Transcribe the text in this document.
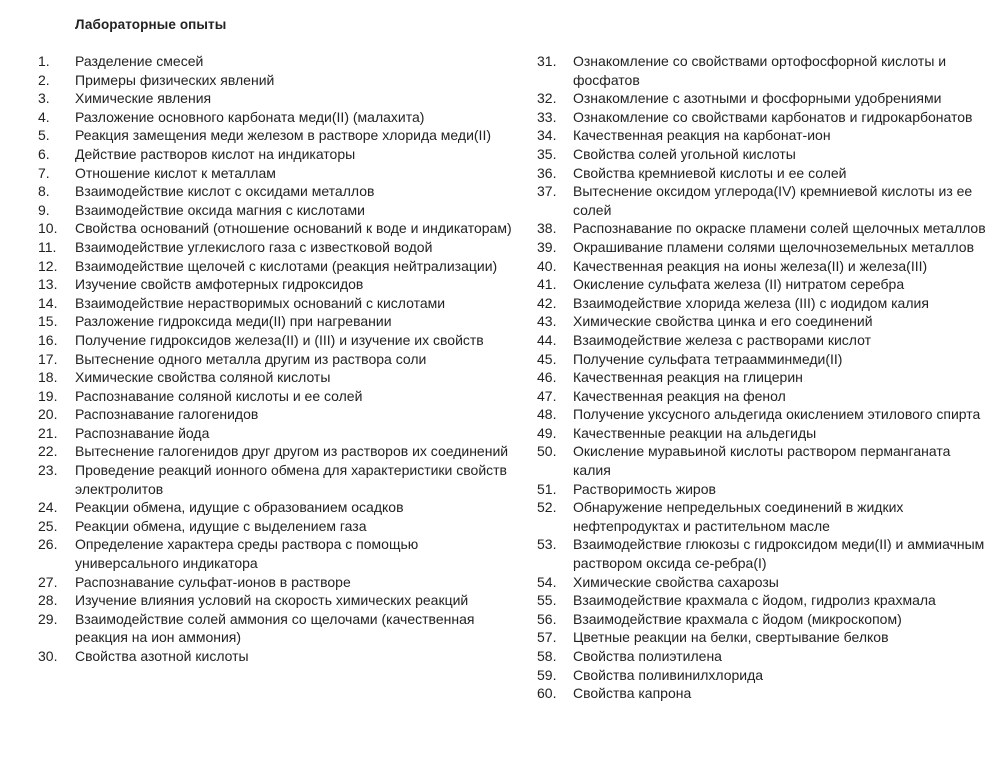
Лабораторные опыты
1.	Разделение смесей
2.	Примеры физических явлений
3.	Химические явления
4.	Разложение основного карбоната меди(II) (малахита)
5.	Реакция замещения меди железом в растворе хлорида меди(II)
6.	Действие растворов кислот на индикаторы
7.	Отношение кислот к металлам
8.	Взаимодействие кислот с оксидами металлов
9.	Взаимодействие оксида магния с кислотами
10.	Свойства оснований (отношение оснований к воде и индикаторам)
11.	Взаимодействие углекислого газа с известковой водой
12.	Взаимодействие щелочей с кислотами (реакция нейтрализации)
13.	Изучение свойств амфотерных гидроксидов
14.	Взаимодействие нерастворимых оснований с кислотами
15.	Разложение гидроксида меди(II) при нагревании
16.	Получение гидроксидов железа(II) и (III) и изучение их свойств
17.	Вытеснение одного металла другим из раствора соли
18.	Химические свойства соляной кислоты
19.	Распознавание соляной кислоты и ее солей
20.	Распознавание галогенидов
21.	Распознавание йода
22.	Вытеснение галогенидов друг другом из растворов их соединений
23.	Проведение реакций ионного обмена для характеристики свойств электролитов
24.	Реакции обмена, идущие с образованием осадков
25.	Реакции обмена, идущие с выделением газа
26.	Определение характера среды раствора с помощью универсального индикатора
27.	Распознавание сульфат-ионов в растворе
28.	Изучение влияния условий на скорость химических реакций
29.	Взаимодействие солей аммония со щелочами (качественная реакция на ион аммония)
30.	Свойства азотной кислоты
31.	Ознакомление со свойствами ортофосфорной кислоты и фосфатов
32.	Ознакомление с азотными и фосфорными удобрениями
33.	Ознакомление со свойствами карбонатов и гидрокарбонатов
34.	Качественная реакция на карбонат-ион
35.	Свойства солей угольной кислоты
36.	Свойства кремниевой кислоты и ее солей
37.	Вытеснение оксидом углерода(IV) кремниевой кислоты из ее солей
38.	Распознавание по окраске пламени солей щелочных металлов
39.	Окрашивание пламени солями щелочноземельных металлов
40.	Качественная реакция на ионы железа(II) и железа(III)
41.	Окисление сульфата железа (II) нитратом серебра
42.	Взаимодействие хлорида железа (III) с иодидом калия
43.	Химические свойства цинка и его соединений
44.	Взаимодействие железа с растворами кислот
45.	Получение сульфата тетраамминмеди(II)
46.	Качественная реакция на глицерин
47.	Качественная реакция на фенол
48.	Получение уксусного альдегида окислением этилового спирта
49.	Качественные реакции на альдегиды
50.	Окисление муравьиной кислоты раствором перманганата калия
51.	Растворимость жиров
52.	Обнаружение непредельных соединений в жидких нефтепродуктах и растительном масле
53.	Взаимодействие глюкозы с гидроксидом меди(II) и аммиачным раствором оксида се-ребра(I)
54.	Химические свойства сахарозы
55.	Взаимодействие крахмала с йодом, гидролиз крахмала
56.	Взаимодействие крахмала с йодом (микроскопом)
57.	Цветные реакции на белки, свертывание белков
58.	Свойства полиэтилена
59.	Свойства поливинилхлорида
60.	Свойства капрона
